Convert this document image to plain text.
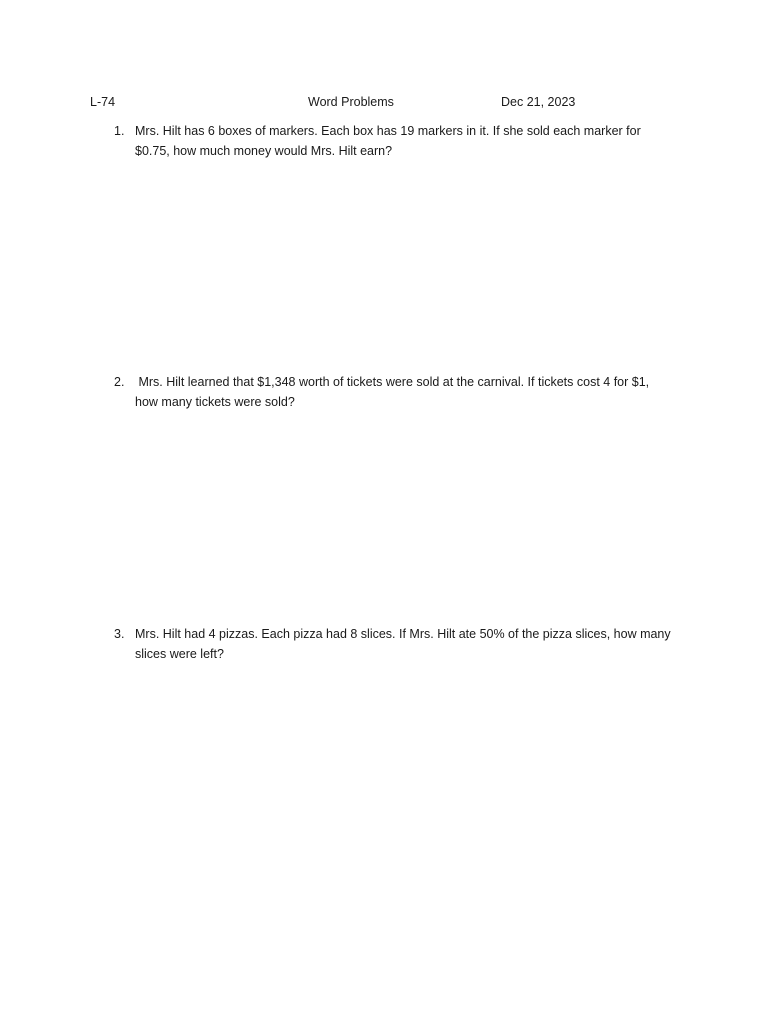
L-74	Word Problems	Dec 21, 2023
1. Mrs. Hilt has 6 boxes of markers. Each box has 19 markers in it. If she sold each marker for
$0.75, how much money would Mrs. Hilt earn?
2.	Mrs. Hilt learned that $1,348 worth of tickets were sold at the carnival. If tickets cost 4 for $1,
how many tickets were sold?
3. Mrs. Hilt had 4 pizzas. Each pizza had 8 slices. If Mrs. Hilt ate 50% of the pizza slices, how many
slices were left?
